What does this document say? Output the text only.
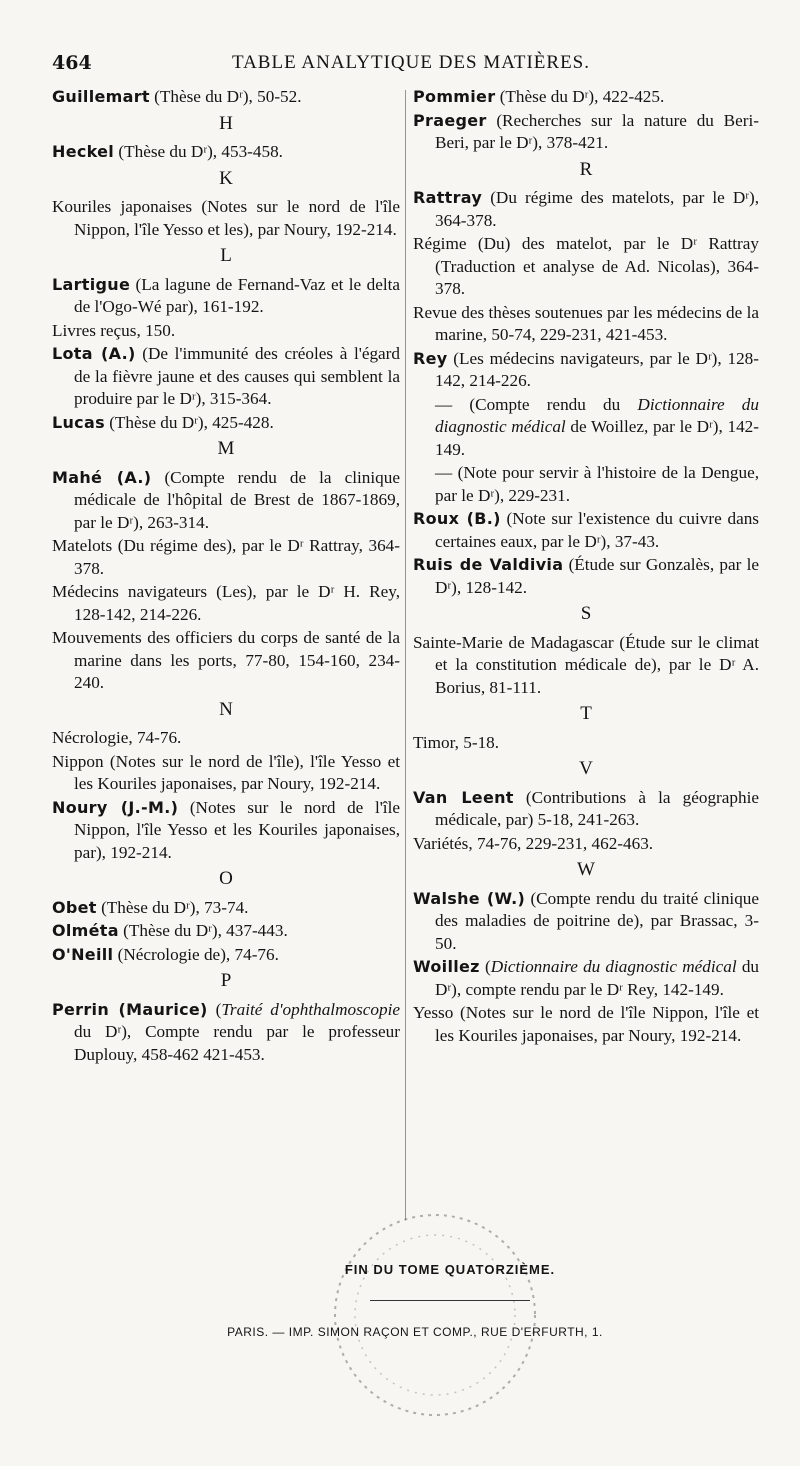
464	TABLE ANALYTIQUE DES MATIÈRES.
Guillemart (Thèse du Dʳ), 50-52.
H
Heckel (Thèse du Dʳ), 453-458.
K
Kouriles japonaises (Notes sur le nord de l'île Nippon, l'île Yesso et les), par Noury, 192-214.
L
Lartigue (La lagune de Fernand-Vaz et le delta de l'Ogo-Wé par), 161-192.
Livres reçus, 150.
Lota (A.) (De l'immunité des créoles à l'égard de la fièvre jaune et des causes qui semblent la produire par le Dʳ), 315-364.
Lucas (Thèse du Dʳ), 425-428.
M
Mahé (A.) (Compte rendu de la clinique médicale de l'hôpital de Brest de 1867-1869, par le Dʳ), 263-314.
Matelots (Du régime des), par le Dʳ Rattray, 364-378.
Médecins navigateurs (Les), par le Dʳ H. Rey, 128-142, 214-226.
Mouvements des officiers du corps de santé de la marine dans les ports, 77-80, 154-160, 234-240.
N
Nécrologie, 74-76.
Nippon (Notes sur le nord de l'île), l'île Yesso et les Kouriles japonaises, par Noury, 192-214.
Noury (J.-M.) (Notes sur le nord de l'île Nippon, l'île Yesso et les Kouriles japonaises, par), 192-214.
O
Obet (Thèse du Dʳ), 73-74.
Olméta (Thèse du Dʳ), 437-443.
O'Neill (Nécrologie de), 74-76.
P
Perrin (Maurice) (Traité d'ophthalmoscopie du Dʳ), Compte rendu par le professeur Duplouy, 458-462 421-453.
Pommier (Thèse du Dʳ), 422-425.
Praeger (Recherches sur la nature du Beri-Beri, par le Dʳ), 378-421.
R
Rattray (Du régime des matelots, par le Dʳ), 364-378.
Régime (Du) des matelot, par le Dʳ Rattray (Traduction et analyse de Ad. Nicolas), 364-378.
Revue des thèses soutenues par les médecins de la marine, 50-74, 229-231, 421-453.
Rey (Les médecins navigateurs, par le Dʳ), 128-142, 214-226.
— (Compte rendu du Dictionnaire du diagnostic médical de Woillez, par le Dʳ), 142-149.
— (Note pour servir à l'histoire de la Dengue, par le Dʳ), 229-231.
Roux (B.) (Note sur l'existence du cuivre dans certaines eaux, par le Dʳ), 37-43.
Ruis de Valdivia (Étude sur Gonzalès, par le Dʳ), 128-142.
S
Sainte-Marie de Madagascar (Étude sur le climat et la constitution médicale de), par le Dʳ A. Borius, 81-111.
T
Timor, 5-18.
V
Van Leent (Contributions à la géographie médicale, par) 5-18, 241-263.
Variétés, 74-76, 229-231, 462-463.
W
Walshe (W.) (Compte rendu du traité clinique des maladies de poitrine de), par Brassac, 3-50.
Woillez (Dictionnaire du diagnostic médical du Dʳ), compte rendu par le Dʳ Rey, 142-149.
Yesso (Notes sur le nord de l'île Nippon, l'île et les Kouriles japonaises, par Noury, 192-214.
FIN DU TOME QUATORZIÈME.
PARIS. — IMP. SIMON RAÇON ET COMP., RUE D'ERFURTH, 1.
